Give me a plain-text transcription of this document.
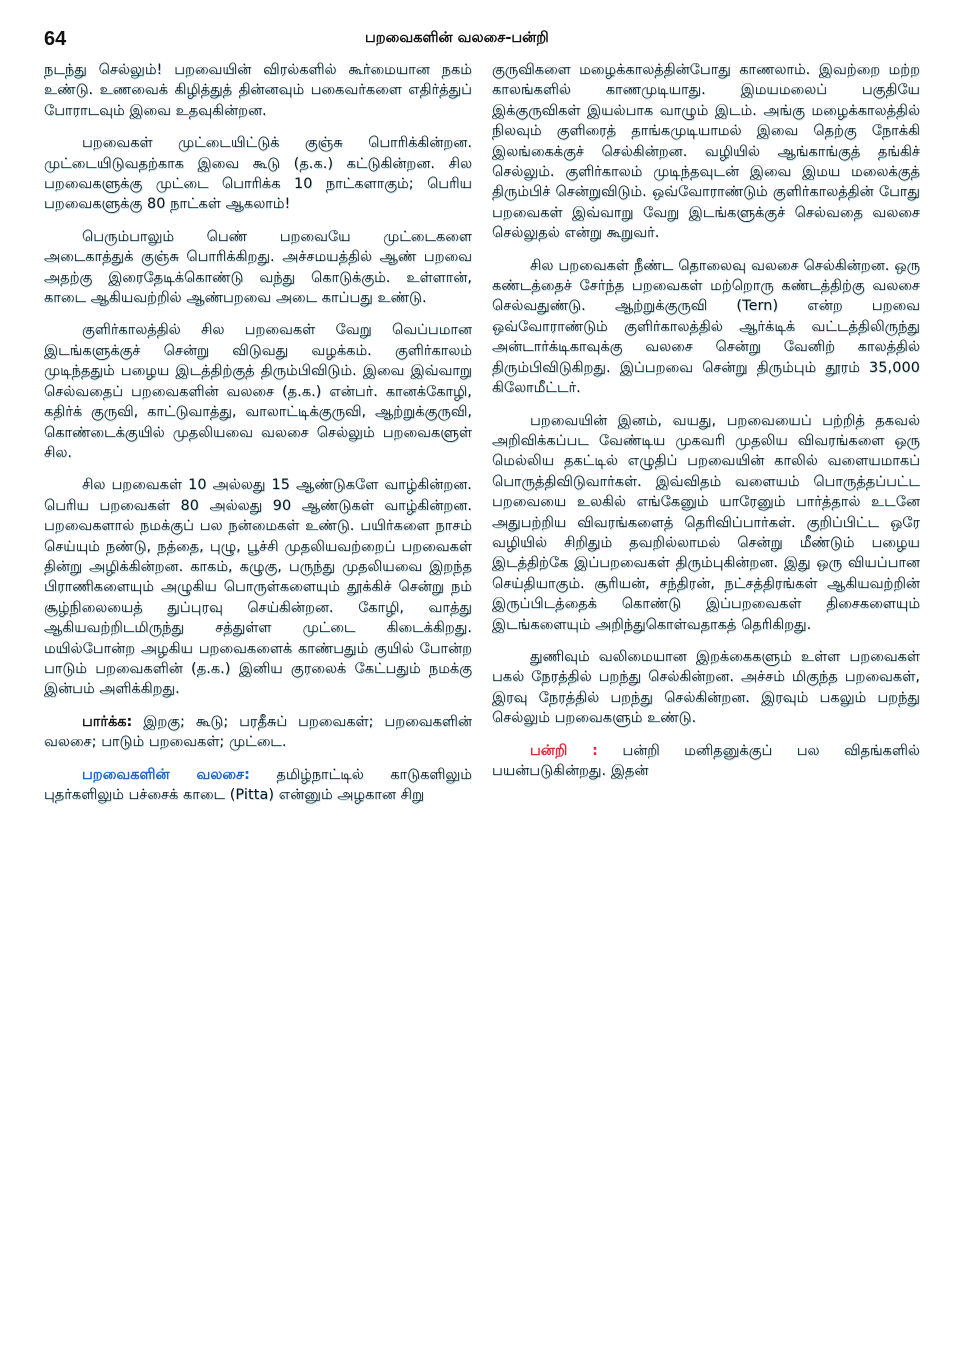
64	பறவைகளின் வலசை-பன்றி

நடந்து செல்லும்! பறவையின் விரல்களில் கூர்மையான நகம் உண்டு. உணவைக் கிழித்துத் தின்னவும் பகைவர்களை எதிர்த்துப் போராடவும் இவை உதவுகின்றன.

பறவைகள் முட்டையிட்டுக் குஞ்சு பொரிக்கின்றன. முட்டையிடுவதற்காக இவை கூடு (த.க.) கட்டுகின்றன. சில பறவைகளுக்கு முட்டை பொரிக்க 10 நாட்களாகும்; பெரிய பறவைகளுக்கு 80 நாட்கள் ஆகலாம்!

பெரும்பாலும் பெண் பறவையே முட்டைகளை அடைகாத்துக் குஞ்சு பொரிக்கிறது. அச்சமயத்தில் ஆண் பறவை அதற்கு இரைதேடிக்கொண்டு வந்து கொடுக்கும். உள்ளான், காடை ஆகியவற்றில் ஆண்பறவை அடை காப்பது உண்டு.

குளிர்காலத்தில் சில பறவைகள் வேறு வெப்பமான இடங்களுக்குச் சென்று விடுவது வழக்கம். குளிர்காலம் முடிந்ததும் பழைய இடத்திற்குத் திரும்பிவிடும். இவை இவ்வாறு செல்வதைப் பறவைகளின் வலசை (த.க.) என்பர். கானக்கோழி, கதிர்க் குருவி, காட்டுவாத்து, வாலாட்டிக்குருவி, ஆற்றுக்குருவி, கொண்டைக்குயில் முதலியவை வலசை செல்லும் பறவைகளுள் சில.

சில பறவைகள் 10 அல்லது 15 ஆண்டுகளே வாழ்கின்றன. பெரிய பறவைகள் 80 அல்லது 90 ஆண்டுகள் வாழ்கின்றன. பறவைகளால் நமக்குப் பல நன்மைகள் உண்டு. பயிர்களை நாசம் செய்யும் நண்டு, நத்தை, புழு, பூச்சி முதலியவற்றைப் பறவைகள் தின்று அழிக்கின்றன. காகம், கழுகு, பருந்து முதலியவை இறந்த பிராணிகளையும் அழுகிய பொருள்களையும் தூக்கிச் சென்று நம் சூழ்நிலையைத் துப்புரவு செய்கின்றன. கோழி, வாத்து ஆகியவற்றிடமிருந்து சத்துள்ள முட்டை கிடைக்கிறது. மயில்போன்ற அழகிய பறவைகளைக் காண்பதும் குயில் போன்ற பாடும் பறவைகளின் (த.க.) இனிய குரலைக் கேட்பதும் நமக்கு இன்பம் அளிக்கிறது.

பார்க்க: இறகு; கூடு; பரதீசுப் பறவைகள்; பறவைகளின் வலசை; பாடும் பறவைகள்; முட்டை.

பறவைகளின் வலசை: தமிழ்நாட்டில் காடுகளிலும் புதர்களிலும் பச்சைக் காடை (Pitta) என்னும் அழகான சிறு

குருவிகளை மழைக்காலத்தின்போது காணலாம். இவற்றை மற்ற காலங்களில் காணமுடியாது. இமயமலைப் பகுதியே இக்குருவிகள் இயல்பாக வாழும் இடம். அங்கு மழைக்காலத்தில் நிலவும் குளிரைத் தாங்கமுடியாமல் இவை தெற்கு நோக்கி இலங்கைக்குச் செல்கின்றன. வழியில் ஆங்காங்குத் தங்கிச் செல்லும். குளிர்காலம் முடிந்தவுடன் இவை இமய மலைக்குத் திரும்பிச் சென்றுவிடும். ஒவ்வோராண்டும் குளிர்காலத்தின் போது பறவைகள் இவ்வாறு வேறு இடங்களுக்குச் செல்வதை வலசை செல்லுதல் என்று கூறுவர்.

சில பறவைகள் நீண்ட தொலைவு வலசை செல்கின்றன. ஒரு கண்டத்தைச் சேர்ந்த பறவைகள் மற்றொரு கண்டத்திற்கு வலசை செல்வதுண்டு. ஆற்றுக்குருவி (Tern) என்ற பறவை ஒவ்வோராண்டும் குளிர்காலத்தில் ஆர்க்டிக் வட்டத்திலிருந்து அன்டார்க்டிகாவுக்கு வலசை சென்று வேனிற் காலத்தில் திரும்பிவிடுகிறது. இப்பறவை சென்று திரும்பும் தூரம் 35,000 கிலோமீட்டர்.

பறவையின் இனம், வயது, பறவையைப் பற்றித் தகவல் அறிவிக்கப்பட வேண்டிய முகவரி முதலிய விவரங்களை ஒரு மெல்லிய தகட்டில் எழுதிப் பறவையின் காலில் வளையமாகப் பொருத்திவிடுவார்கள். இவ்விதம் வளையம் பொருத்தப்பட்ட பறவையை உலகில் எங்கேனும் யாரேனும் பார்த்தால் உடனே அதுபற்றிய விவரங்களைத் தெரிவிப்பார்கள். குறிப்பிட்ட ஒரே வழியில் சிறிதும் தவறில்லாமல் சென்று மீண்டும் பழைய இடத்திற்கே இப்பறவைகள் திரும்புகின்றன. இது ஒரு வியப்பான செய்தியாகும். சூரியன், சந்திரன், நட்சத்திரங்கள் ஆகியவற்றின் இருப்பிடத்தைக் கொண்டு இப்பறவைகள் திசைகளையும் இடங்களையும் அறிந்துகொள்வதாகத் தெரிகிறது.

துணிவும் வலிமையான இறக்கைகளும் உள்ள பறவைகள் பகல் நேரத்தில் பறந்து செல்கின்றன. அச்சம் மிகுந்த பறவைகள், இரவு நேரத்தில் பறந்து செல்கின்றன. இரவும் பகலும் பறந்து செல்லும் பறவைகளும் உண்டு.

பன்றி : பன்றி மனிதனுக்குப் பல விதங்களில் பயன்படுகின்றது. இதன்
